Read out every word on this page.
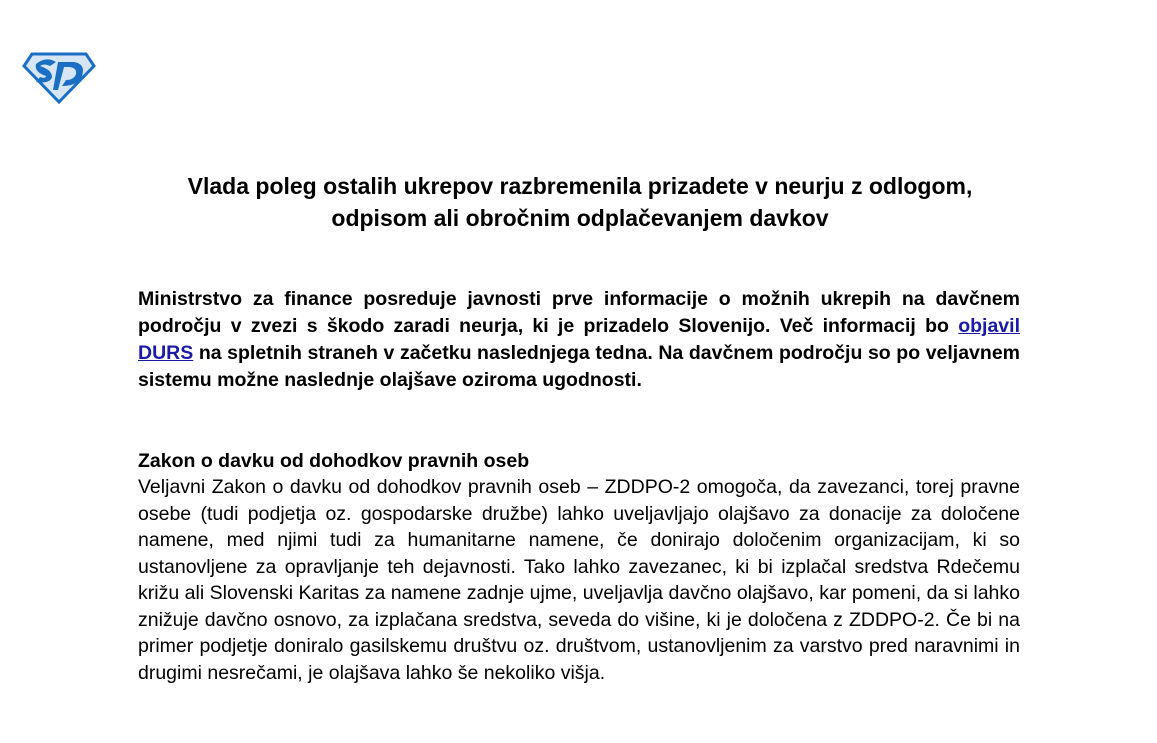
Vlada poleg ostalih ukrepov razbremenila prizadete v neurju z odlogom, odpisom ali obročnim odplačevanjem davkov
Ministrstvo za finance posreduje javnosti prve informacije o možnih ukrepih na davčnem področju v zvezi s škodo zaradi neurja, ki je prizadelo Slovenijo. Več informacij bo objavil DURS na spletnih straneh v začetku naslednjega tedna. Na davčnem področju so po veljavnem sistemu možne naslednje olajšave oziroma ugodnosti.
Zakon o davku od dohodkov pravnih oseb
Veljavni Zakon o davku od dohodkov pravnih oseb – ZDDPO-2 omogoča, da zavezanci, torej pravne osebe (tudi podjetja oz. gospodarske družbe) lahko uveljavljajo olajšavo za donacije za določene namene, med njimi tudi za humanitarne namene, če donirajo določenim organizacijam, ki so ustanovljene za opravljanje teh dejavnosti. Tako lahko zavezanec, ki bi izplačal sredstva Rdečemu križu ali Slovenski Karitas za namene zadnje ujme, uveljavlja davčno olajšavo, kar pomeni, da si lahko znižuje davčno osnovo, za izplačana sredstva, seveda do višine, ki je določena z ZDDPO-2. Če bi na primer podjetje doniralo gasilskemu društvu oz. društvom, ustanovljenim za varstvo pred naravnimi in drugimi nesrečami, je olajšava lahko še nekoliko višja.
